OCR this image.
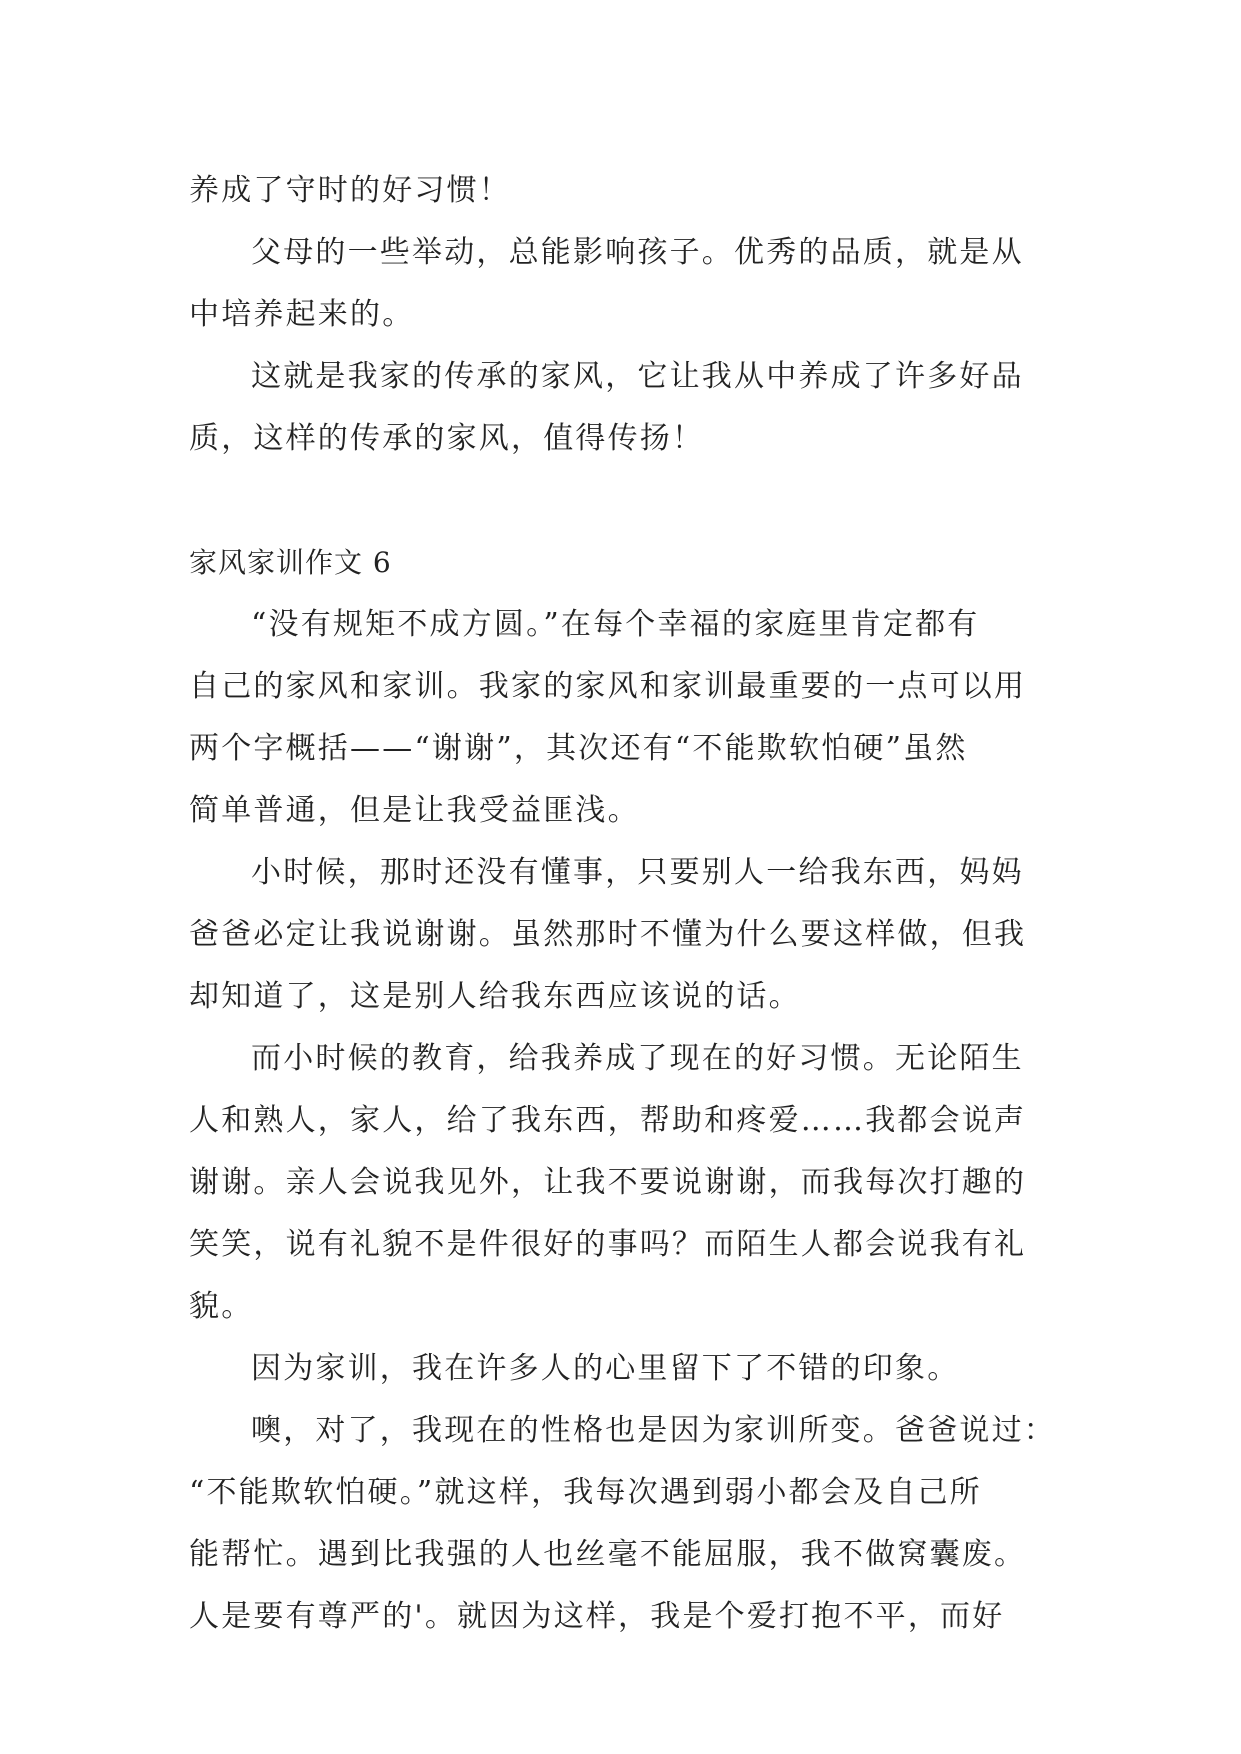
养成了守时的好习惯！
父母的一些举动，总能影响孩子。优秀的品质，就是从
中培养起来的。
这就是我家的传承的家风，它让我从中养成了许多好品
质，这样的传承的家风，值得传扬！
家风家训作文 6
“没有规矩不成方圆。”在每个幸福的家庭里肯定都有
自己的家风和家训。我家的家风和家训最重要的一点可以用
两个字概括——“谢谢”，其次还有“不能欺软怕硬”虽然
简单普通，但是让我受益匪浅。
小时候，那时还没有懂事，只要别人一给我东西，妈妈
爸爸必定让我说谢谢。虽然那时不懂为什么要这样做，但我
却知道了，这是别人给我东西应该说的话。
而小时候的教育，给我养成了现在的好习惯。无论陌生
人和熟人，家人，给了我东西，帮助和疼爱……我都会说声
谢谢。亲人会说我见外，让我不要说谢谢，而我每次打趣的
笑笑，说有礼貌不是件很好的事吗？而陌生人都会说我有礼
貌。
因为家训，我在许多人的心里留下了不错的印象。
噢，对了，我现在的性格也是因为家训所变。爸爸说过：
“不能欺软怕硬。”就这样，我每次遇到弱小都会及自己所
能帮忙。遇到比我强的人也丝毫不能屈服，我不做窝囊废。
人是要有尊严的'。就因为这样，我是个爱打抱不平，而好
